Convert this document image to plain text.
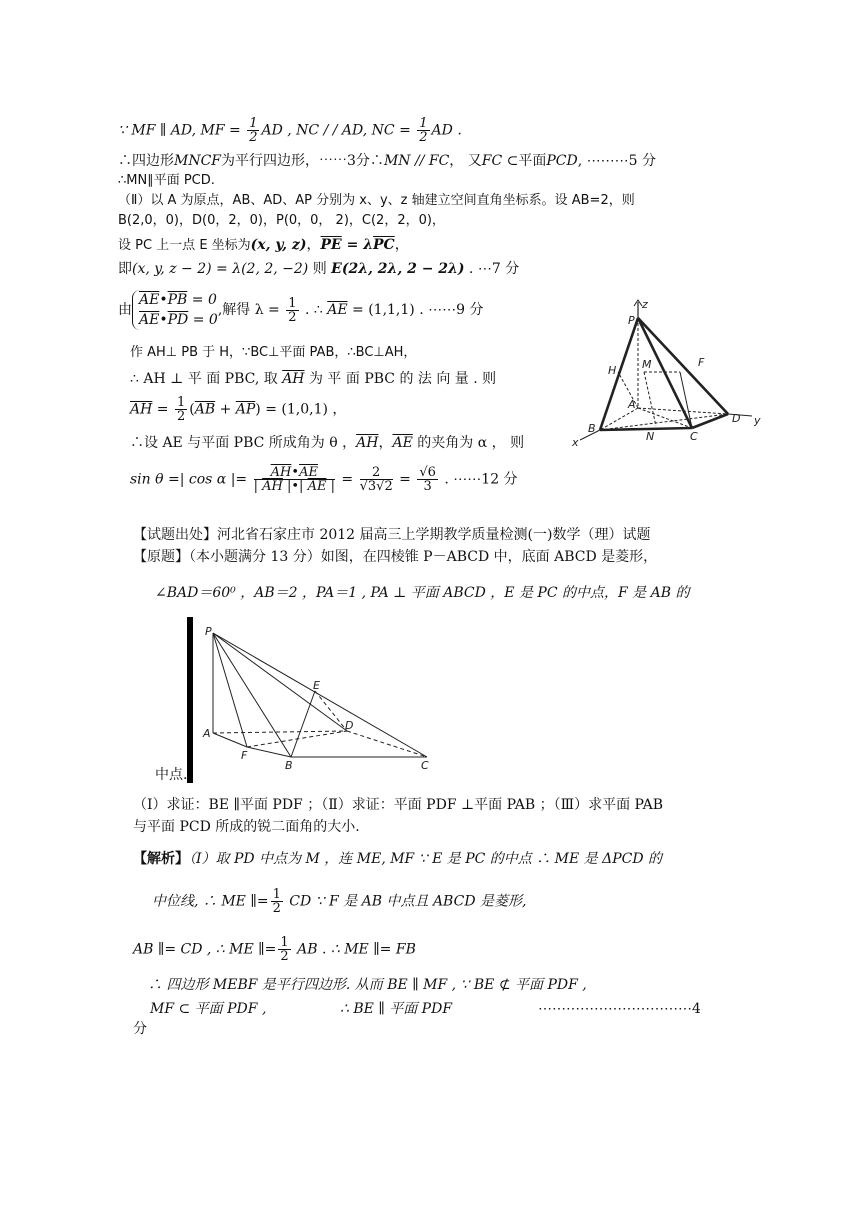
∵ MF ∥ AD, MF = $\frac{1}{2}$ AD , NC / / AD, NC = $\frac{1}{2}$ AD .
∴四边形MNCF为平行四边形，⋯⋯3分∴MN // FC， 又FC ⊂平面PCD, ⋯⋯⋯5 分
∴MN∥平面 PCD.
（Ⅱ）以 A 为原点，AB、AD、AP 分别为 x、y、z 轴建立空间直角坐标系。设 AB=2，则
B(2,0，0)，D(0，2，0)，P(0，0， 2)，C(2，2，0)，
设 PC 上一点 E 坐标为(x, y, z)，$\overline{PE} = \lambda\overline{PC}$，
即(x, y, z − 2) = λ(2, 2, −2) 则 E(2λ, 2λ, 2 − 2λ) . ⋯7 分
由
$\overline{AE}•\overline{PB} = 0$
$\overline{AE}•\overline{PD} = 0$
,解得 $\lambda = \frac{1}{2}$ . ∴ $\overline{AE} = (1,1,1)$ . ⋯⋯9 分
作 AH⊥ PB 于 H，∵BC⊥平面 PAB，∴BC⊥AH，
∴ AH ⊥ 平 面 PBC, 取 $\overline{AH}$ 为 平 面 PBC 的 法 向 量 . 则
$\overline{AH} = \frac{1}{2} (\overline{AB} + \overline{AP}) = (1,0,1)$ ，
∴设 AE 与平面 PBC 所成角为 θ ，$\overline{AH}$，$\overline{AE}$ 的夹角为 α ， 则
sin θ =| cos α |= $\frac{\overline{AH}•\overline{AE}}{| \overline{AH} |•| \overline{AE} |} = \frac{2}{√3√2} = \frac{√6}{3}$ . ⋯⋯12 分
z
P
H M	F
A
B
N	C
D
x
y
【试题出处】河北省石家庄市 2012 届高三上学期教学质量检测(一)数学（理）试题
【原题】（本小题满分 13 分）如图，在四棱锥 P－ABCD 中，底面 ABCD 是菱形，
∠BAD＝60⁰ ，AB＝2 ，PA＝1 , PA ⊥ 平面 ABCD ，E 是 PC 的中点，F 是 AB 的
P
E
D
A
F
B	C
中点.
（Ⅰ）求证：BE ∥平面 PDF ；（Ⅱ）求证：平面 PDF ⊥平面 PAB ；（Ⅲ）求平面 PAB
与平面 PCD 所成的锐二面角的大小.
【解析】（Ⅰ）取 PD 中点为 M ，连 ME, MF ∵ E 是 PC 的中点 ∴ ME 是 ΔPCD 的
中位线, ∴ ME ∥= $\frac{1}{2}$ CD ∵ F 是 AB 中点且 ABCD 是菱形,
AB ∥= CD , ∴ ME ∥= $\frac{1}{2}$ AB . ∴ ME ∥= FB
∴ 四边形 MEBF 是平行四边形. 从而 BE ∥ MF , ∵ BE ⊄ 平面 PDF ,
MF ⊂ 平面 PDF ,	∴ BE ∥ 平面 PDF	⋯⋯⋯⋯⋯⋯⋯⋯⋯⋯⋯4
分
